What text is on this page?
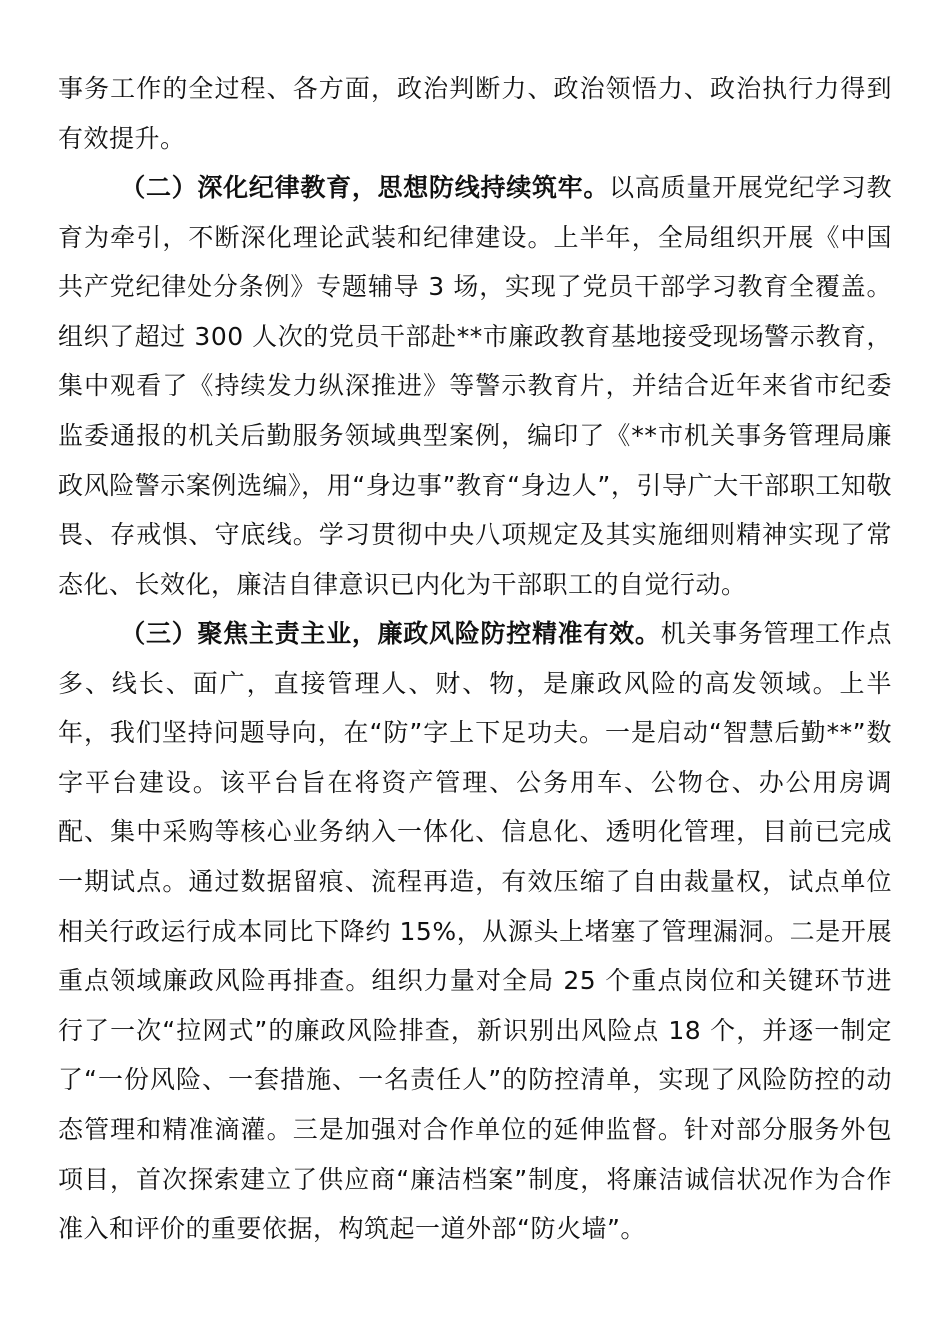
事务工作的全过程、各方面，政治判断力、政治领悟力、政治执行力得到有效提升。

（二）深化纪律教育，思想防线持续筑牢。以高质量开展党纪学习教育为牵引，不断深化理论武装和纪律建设。上半年，全局组织开展《中国共产党纪律处分条例》专题辅导 3 场，实现了党员干部学习教育全覆盖。组织了超过 300 人次的党员干部赴**市廉政教育基地接受现场警示教育，集中观看了《持续发力纵深推进》等警示教育片，并结合近年来省市纪委监委通报的机关后勤服务领域典型案例，编印了《**市机关事务管理局廉政风险警示案例选编》，用“身边事”教育“身边人”，引导广大干部职工知敬畏、存戒惧、守底线。学习贯彻中央八项规定及其实施细则精神实现了常态化、长效化，廉洁自律意识已内化为干部职工的自觉行动。

（三）聚焦主责主业，廉政风险防控精准有效。机关事务管理工作点多、线长、面广，直接管理人、财、物，是廉政风险的高发领域。上半年，我们坚持问题导向，在“防”字上下足功夫。一是启动“智慧后勤**”数字平台建设。该平台旨在将资产管理、公务用车、公物仓、办公用房调配、集中采购等核心业务纳入一体化、信息化、透明化管理，目前已完成一期试点。通过数据留痕、流程再造，有效压缩了自由裁量权，试点单位相关行政运行成本同比下降约 15%，从源头上堵塞了管理漏洞。二是开展重点领域廉政风险再排查。组织力量对全局 25 个重点岗位和关键环节进行了一次“拉网式”的廉政风险排查，新识别出风险点 18 个，并逐一制定了“一份风险、一套措施、一名责任人”的防控清单，实现了风险防控的动态管理和精准滴灌。三是加强对合作单位的延伸监督。针对部分服务外包项目，首次探索建立了供应商“廉洁档案”制度，将廉洁诚信状况作为合作准入和评价的重要依据，构筑起一道外部“防火墙”。
